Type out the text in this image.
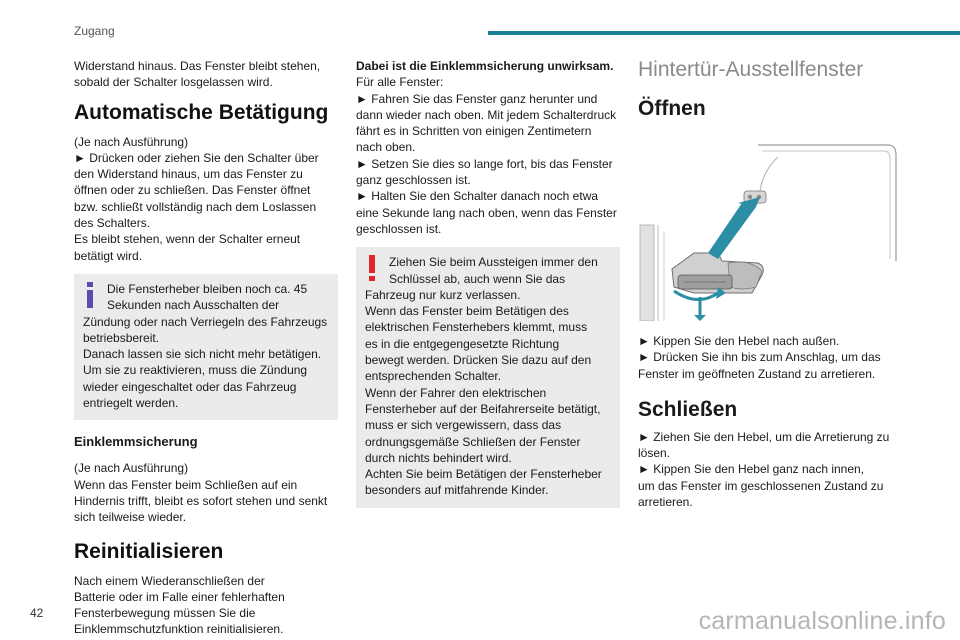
Zugang

Widerstand hinaus. Das Fenster bleibt stehen,

sobald der Schalter losgelassen wird.

Automatische Betätigung

(Je nach Ausführung)

► Drücken oder ziehen Sie den Schalter über

den Widerstand hinaus, um das Fenster zu

öffnen oder zu schließen. Das Fenster öffnet

bzw. schließt vollständig nach dem Loslassen

des Schalters.

Es bleibt stehen, wenn der Schalter erneut

betätigt wird.

Die Fensterheber bleiben noch ca. 45

Sekunden nach Ausschalten der

Zündung oder nach Verriegeln des Fahrzeugs

betriebsbereit.

Danach lassen sie sich nicht mehr betätigen.

Um sie zu reaktivieren, muss die Zündung

wieder eingeschaltet oder das Fahrzeug

entriegelt werden.

Einklemmsicherung

(Je nach Ausführung)

Wenn das Fenster beim Schließen auf ein

Hindernis trifft, bleibt es sofort stehen und senkt

sich teilweise wieder.

Reinitialisieren

Nach einem Wiederanschließen der

Batterie oder im Falle einer fehlerhaften

Fensterbewegung müssen Sie die

Einklemmschutzfunktion reinitialisieren.

Dabei ist die Einklemmsicherung unwirksam.

Für alle Fenster:

► Fahren Sie das Fenster ganz herunter und

dann wieder nach oben. Mit jedem Schalterdruck

fährt es in Schritten von einigen Zentimetern

nach oben.

► Setzen Sie dies so lange fort, bis das Fenster

ganz geschlossen ist.

► Halten Sie den Schalter danach noch etwa

eine Sekunde lang nach oben, wenn das Fenster

geschlossen ist.

Ziehen Sie beim Aussteigen immer den

Schlüssel ab, auch wenn Sie das

Fahrzeug nur kurz verlassen.

Wenn das Fenster beim Betätigen des

elektrischen Fensterhebers klemmt, muss

es in die entgegengesetzte Richtung

bewegt werden. Drücken Sie dazu auf den

entsprechenden Schalter.

Wenn der Fahrer den elektrischen

Fensterheber auf der Beifahrerseite betätigt,

muss er sich vergewissern, dass das

ordnungsgemäße Schließen der Fenster

durch nichts behindert wird.

Achten Sie beim Betätigen der Fensterheber

besonders auf mitfahrende Kinder.

Hintertür-Ausstellfenster
Öffnen

► Kippen Sie den Hebel nach außen.

► Drücken Sie ihn bis zum Anschlag, um das

Fenster im geöffneten Zustand zu arretieren.

Schließen

► Ziehen Sie den Hebel, um die Arretierung zu

lösen.

► Kippen Sie den Hebel ganz nach innen,

um das Fenster im geschlossenen Zustand zu

arretieren.

42	carmanualsonline.info
